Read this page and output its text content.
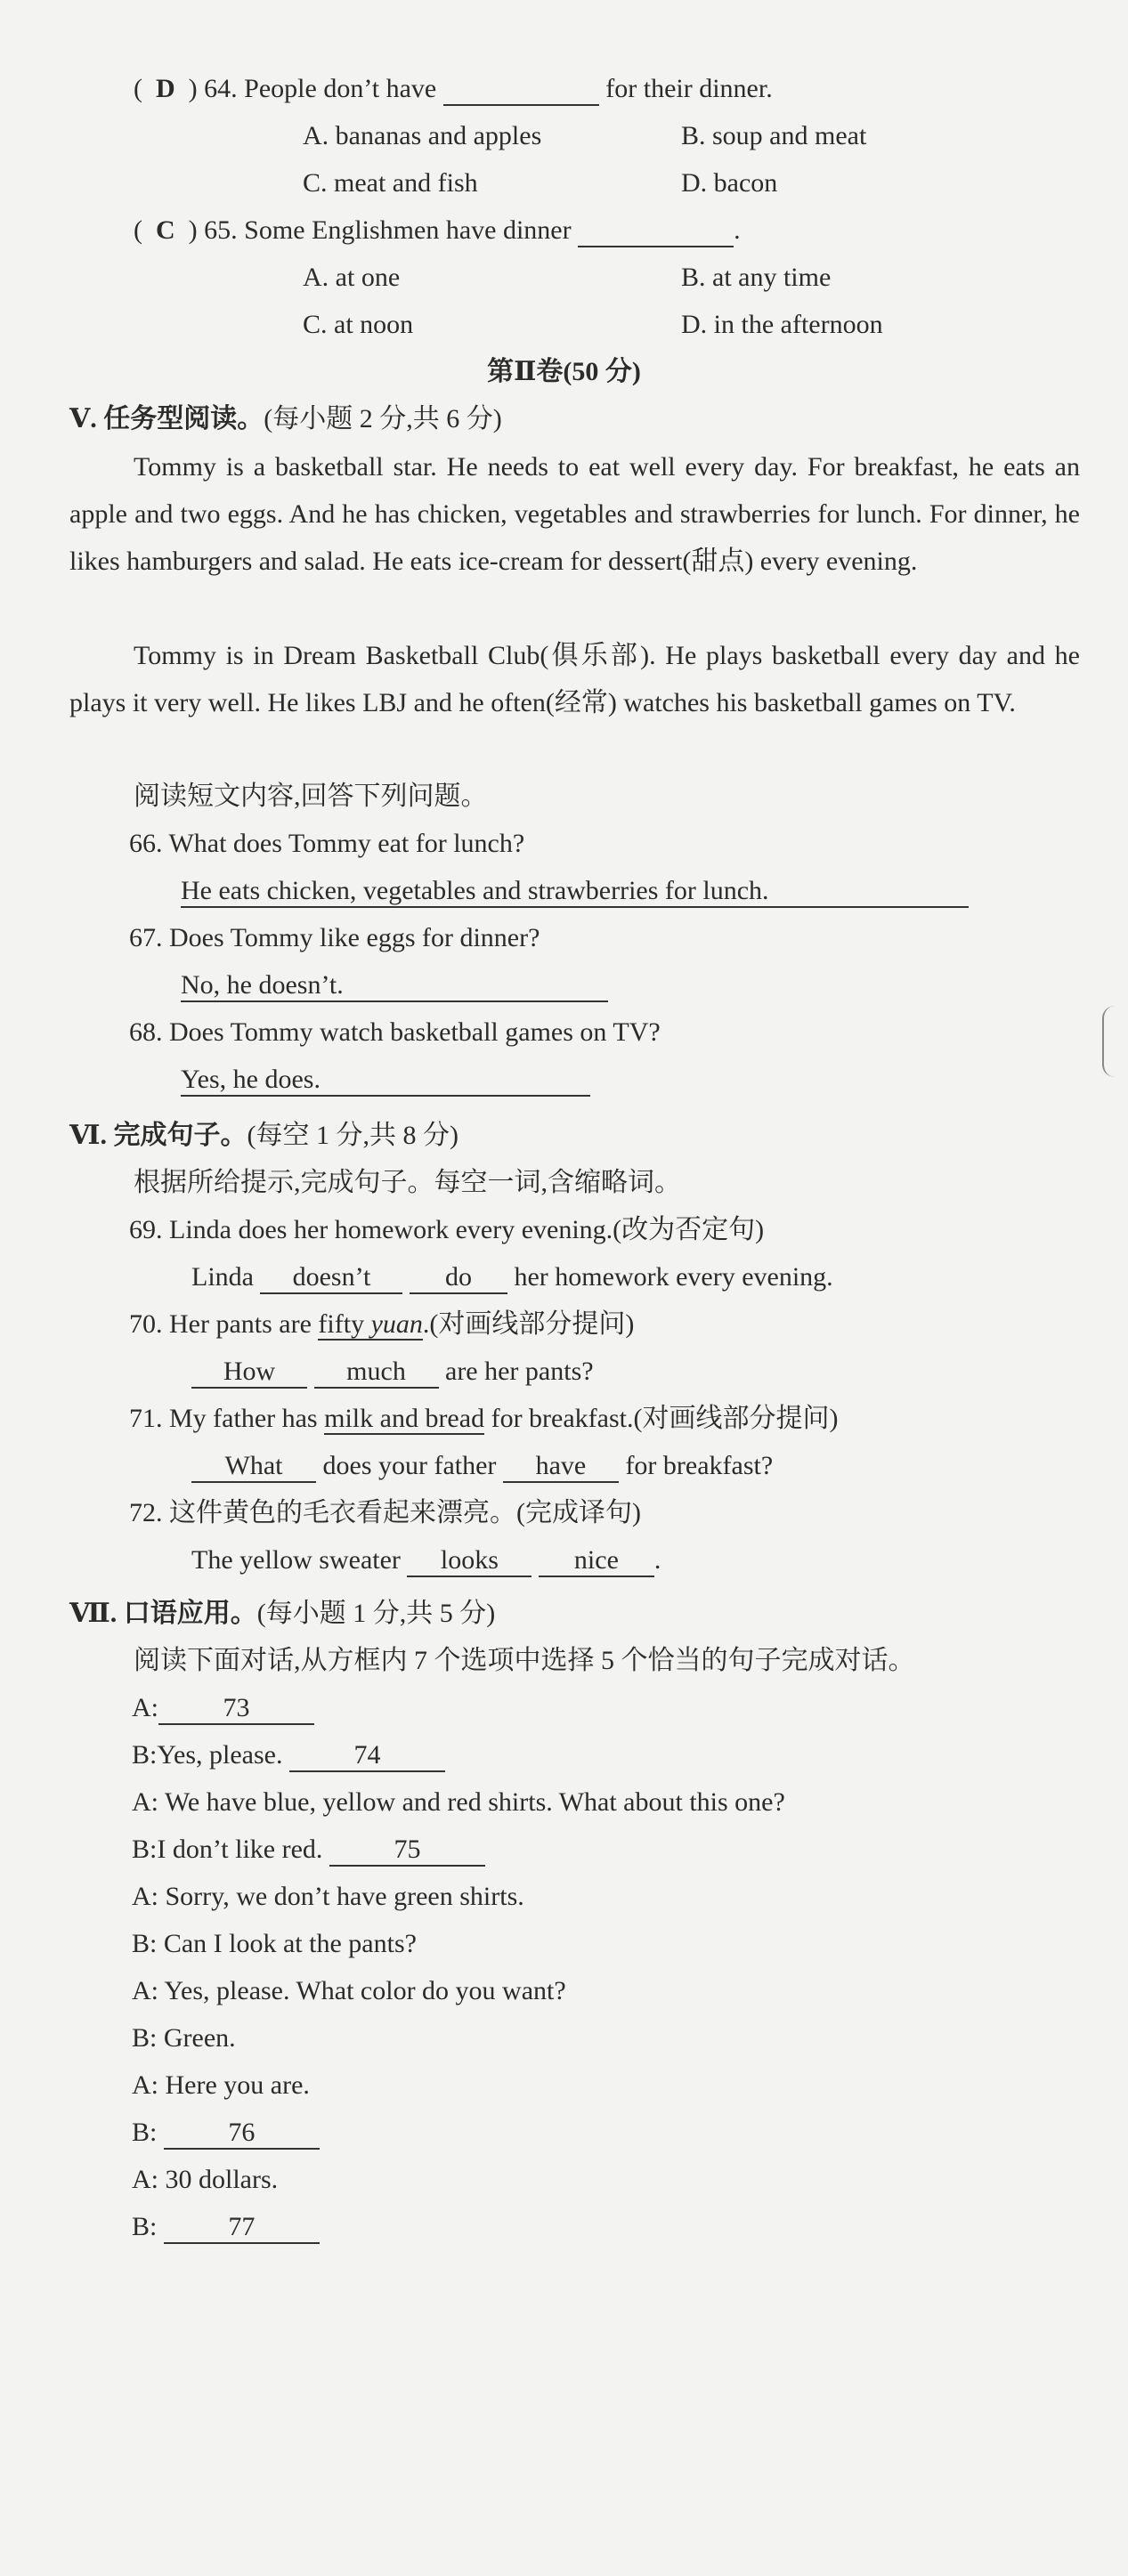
( D ) 64. People don’t have	for their dinner.
A. bananas and apples	B. soup and meat
C. meat and fish	D. bacon
( C ) 65. Some Englishmen have dinner	.
A. at one	B. at any time
C. at noon	D. in the afternoon
第Ⅱ卷(50 分)
Ⅴ. 任务型阅读。(每小题 2 分,共 6 分)
Tommy is a basketball star. He needs to eat well every day. For breakfast, he eats an apple and two eggs. And he has chicken, vegetables and strawberries for lunch. For dinner, he likes hamburgers and salad. He eats ice-cream for dessert(甜点) every evening.
Tommy is in Dream Basketball Club(俱乐部). He plays basketball every day and he plays it very well. He likes LBJ and he often(经常) watches his basketball games on TV.
阅读短文内容,回答下列问题。
66. What does Tommy eat for lunch?
He eats chicken, vegetables and strawberries for lunch.
67. Does Tommy like eggs for dinner?
No, he doesn’t.
68. Does Tommy watch basketball games on TV?
Yes, he does.
Ⅵ. 完成句子。(每空 1 分,共 8 分)
根据所给提示,完成句子。每空一词,含缩略词。
69. Linda does her homework every evening.(改为否定句)
Linda doesn’t	do her homework every evening.
70. Her pants are fifty yuan.(对画线部分提问)
How	much are her pants?
71. My father has milk and bread for breakfast.(对画线部分提问)
What does your father have for breakfast?
72. 这件黄色的毛衣看起来漂亮。(完成译句)
The yellow sweater looks	nice .
Ⅶ. 口语应用。(每小题 1 分,共 5 分)
阅读下面对话,从方框内 7 个选项中选择 5 个恰当的句子完成对话。
A: 73
B:Yes, please.	74
A: We have blue, yellow and red shirts. What about this one?
B:I don’t like red.	75
A: Sorry, we don’t have green shirts.
B: Can I look at the pants?
A: Yes, please. What color do you want?
B: Green.
A: Here you are.
B:	76
A: 30 dollars.
B:	77
